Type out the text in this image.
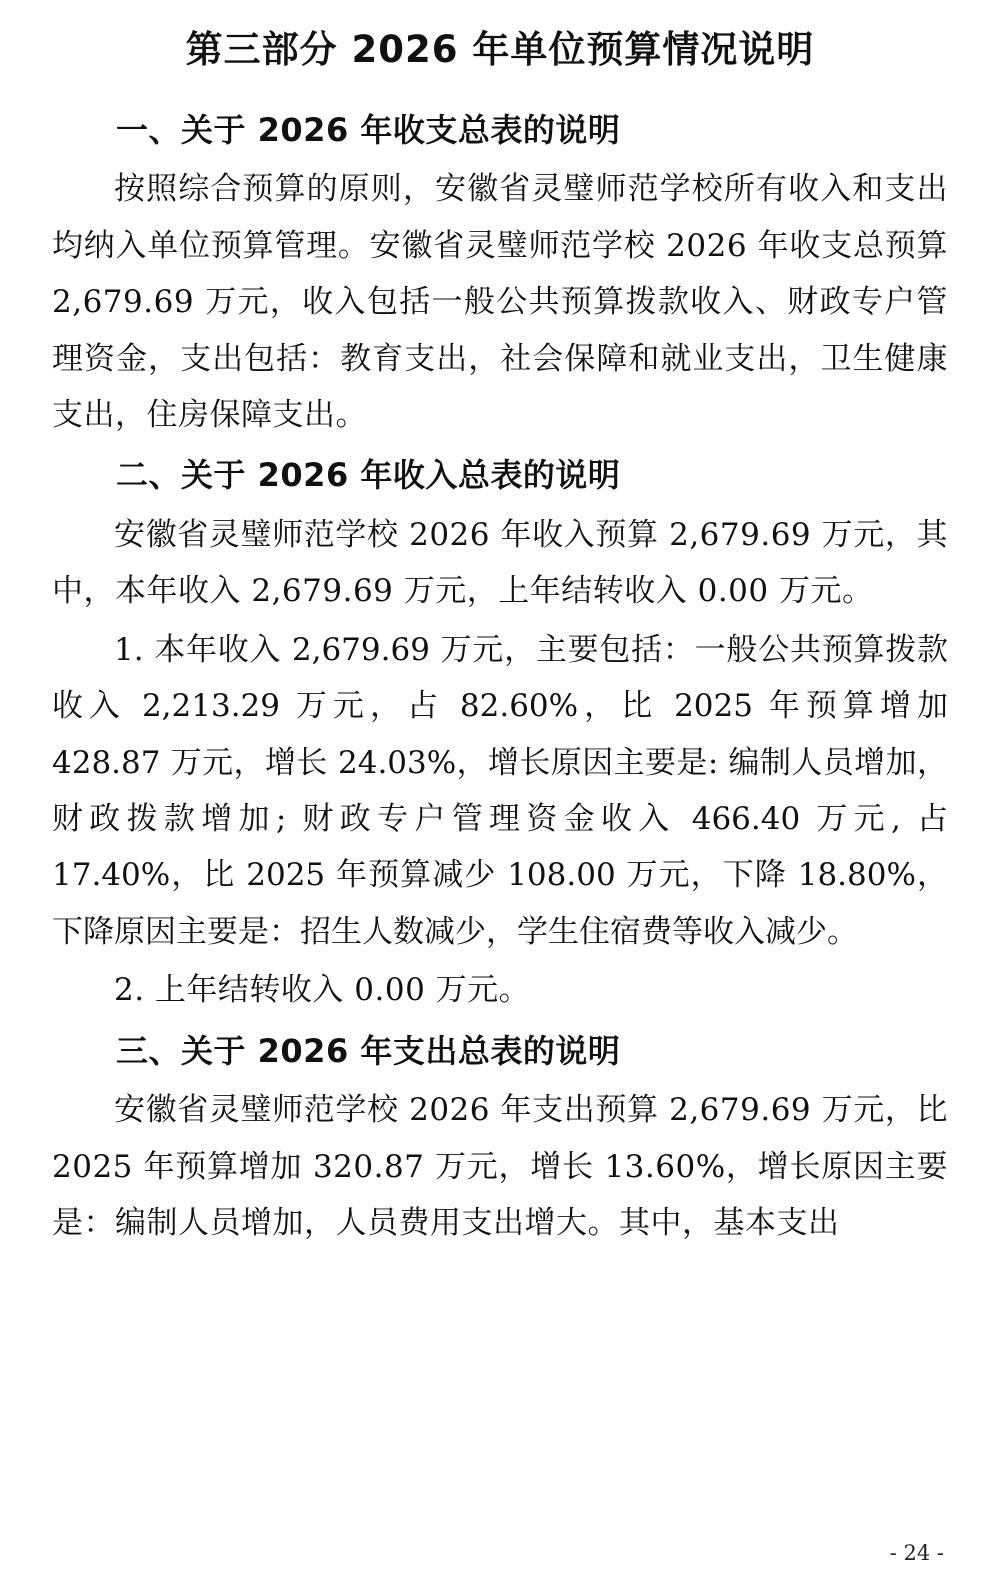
第三部分 2026 年单位预算情况说明
一、关于 2026 年收支总表的说明

按照综合预算的原则，安徽省灵璧师范学校所有收入和支出均纳入单位预算管理。安徽省灵璧师范学校 2026 年收支总预算 2,679.69 万元，收入包括一般公共预算拨款收入、财政专户管理资金，支出包括：教育支出，社会保障和就业支出，卫生健康支出，住房保障支出。

二、关于 2026 年收入总表的说明

安徽省灵璧师范学校 2026 年收入预算 2,679.69 万元，其中，本年收入 2,679.69 万元，上年结转收入 0.00 万元。

1. 本年收入 2,679.69 万元，主要包括：一般公共预算拨款收入 2,213.29 万元，占 82.60%，比 2025 年预算增加 428.87 万元，增长 24.03%，增长原因主要是: 编制人员增加，财政拨款增加; 财政专户管理资金收入 466.40 万元, 占 17.40%，比 2025 年预算减少 108.00 万元，下降 18.80%，下降原因主要是：招生人数减少，学生住宿费等收入减少。

2. 上年结转收入 0.00 万元。

三、关于 2026 年支出总表的说明

安徽省灵璧师范学校 2026 年支出预算 2,679.69 万元，比 2025 年预算增加 320.87 万元，增长 13.60%，增长原因主要是：编制人员增加，人员费用支出增大。其中，基本支出

- 24 -
